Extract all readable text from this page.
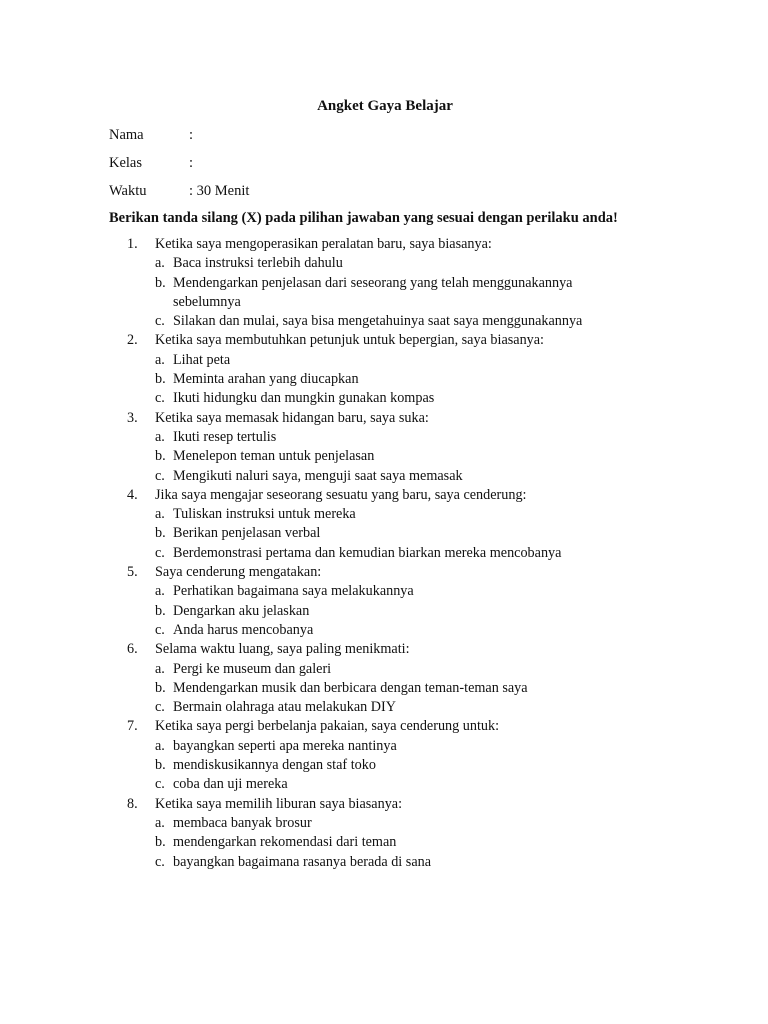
Angket Gaya Belajar
Nama	:
Kelas	:
Waktu	: 30 Menit
Berikan tanda silang (X) pada pilihan jawaban yang sesuai dengan perilaku anda!
1. Ketika saya mengoperasikan peralatan baru, saya biasanya:
a. Baca instruksi terlebih dahulu
b. Mendengarkan penjelasan dari seseorang yang telah menggunakannya sebelumnya
c. Silakan dan mulai, saya bisa mengetahuinya saat saya menggunakannya
2. Ketika saya membutuhkan petunjuk untuk bepergian, saya biasanya:
a. Lihat peta
b. Meminta arahan yang diucapkan
c. Ikuti hidungku dan mungkin gunakan kompas
3. Ketika saya memasak hidangan baru, saya suka:
a. Ikuti resep tertulis
b. Menelepon teman untuk penjelasan
c. Mengikuti naluri saya, menguji saat saya memasak
4. Jika saya mengajar seseorang sesuatu yang baru, saya cenderung:
a. Tuliskan instruksi untuk mereka
b. Berikan penjelasan verbal
c. Berdemonstrasi pertama dan kemudian biarkan mereka mencobanya
5. Saya cenderung mengatakan:
a. Perhatikan bagaimana saya melakukannya
b. Dengarkan aku jelaskan
c. Anda harus mencobanya
6. Selama waktu luang, saya paling menikmati:
a. Pergi ke museum dan galeri
b. Mendengarkan musik dan berbicara dengan teman-teman saya
c. Bermain olahraga atau melakukan DIY
7. Ketika saya pergi berbelanja pakaian, saya cenderung untuk:
a. bayangkan seperti apa mereka nantinya
b. mendiskusikannya dengan staf toko
c. coba dan uji mereka
8. Ketika saya memilih liburan saya biasanya:
a. membaca banyak brosur
b. mendengarkan rekomendasi dari teman
c. bayangkan bagaimana rasanya berada di sana
